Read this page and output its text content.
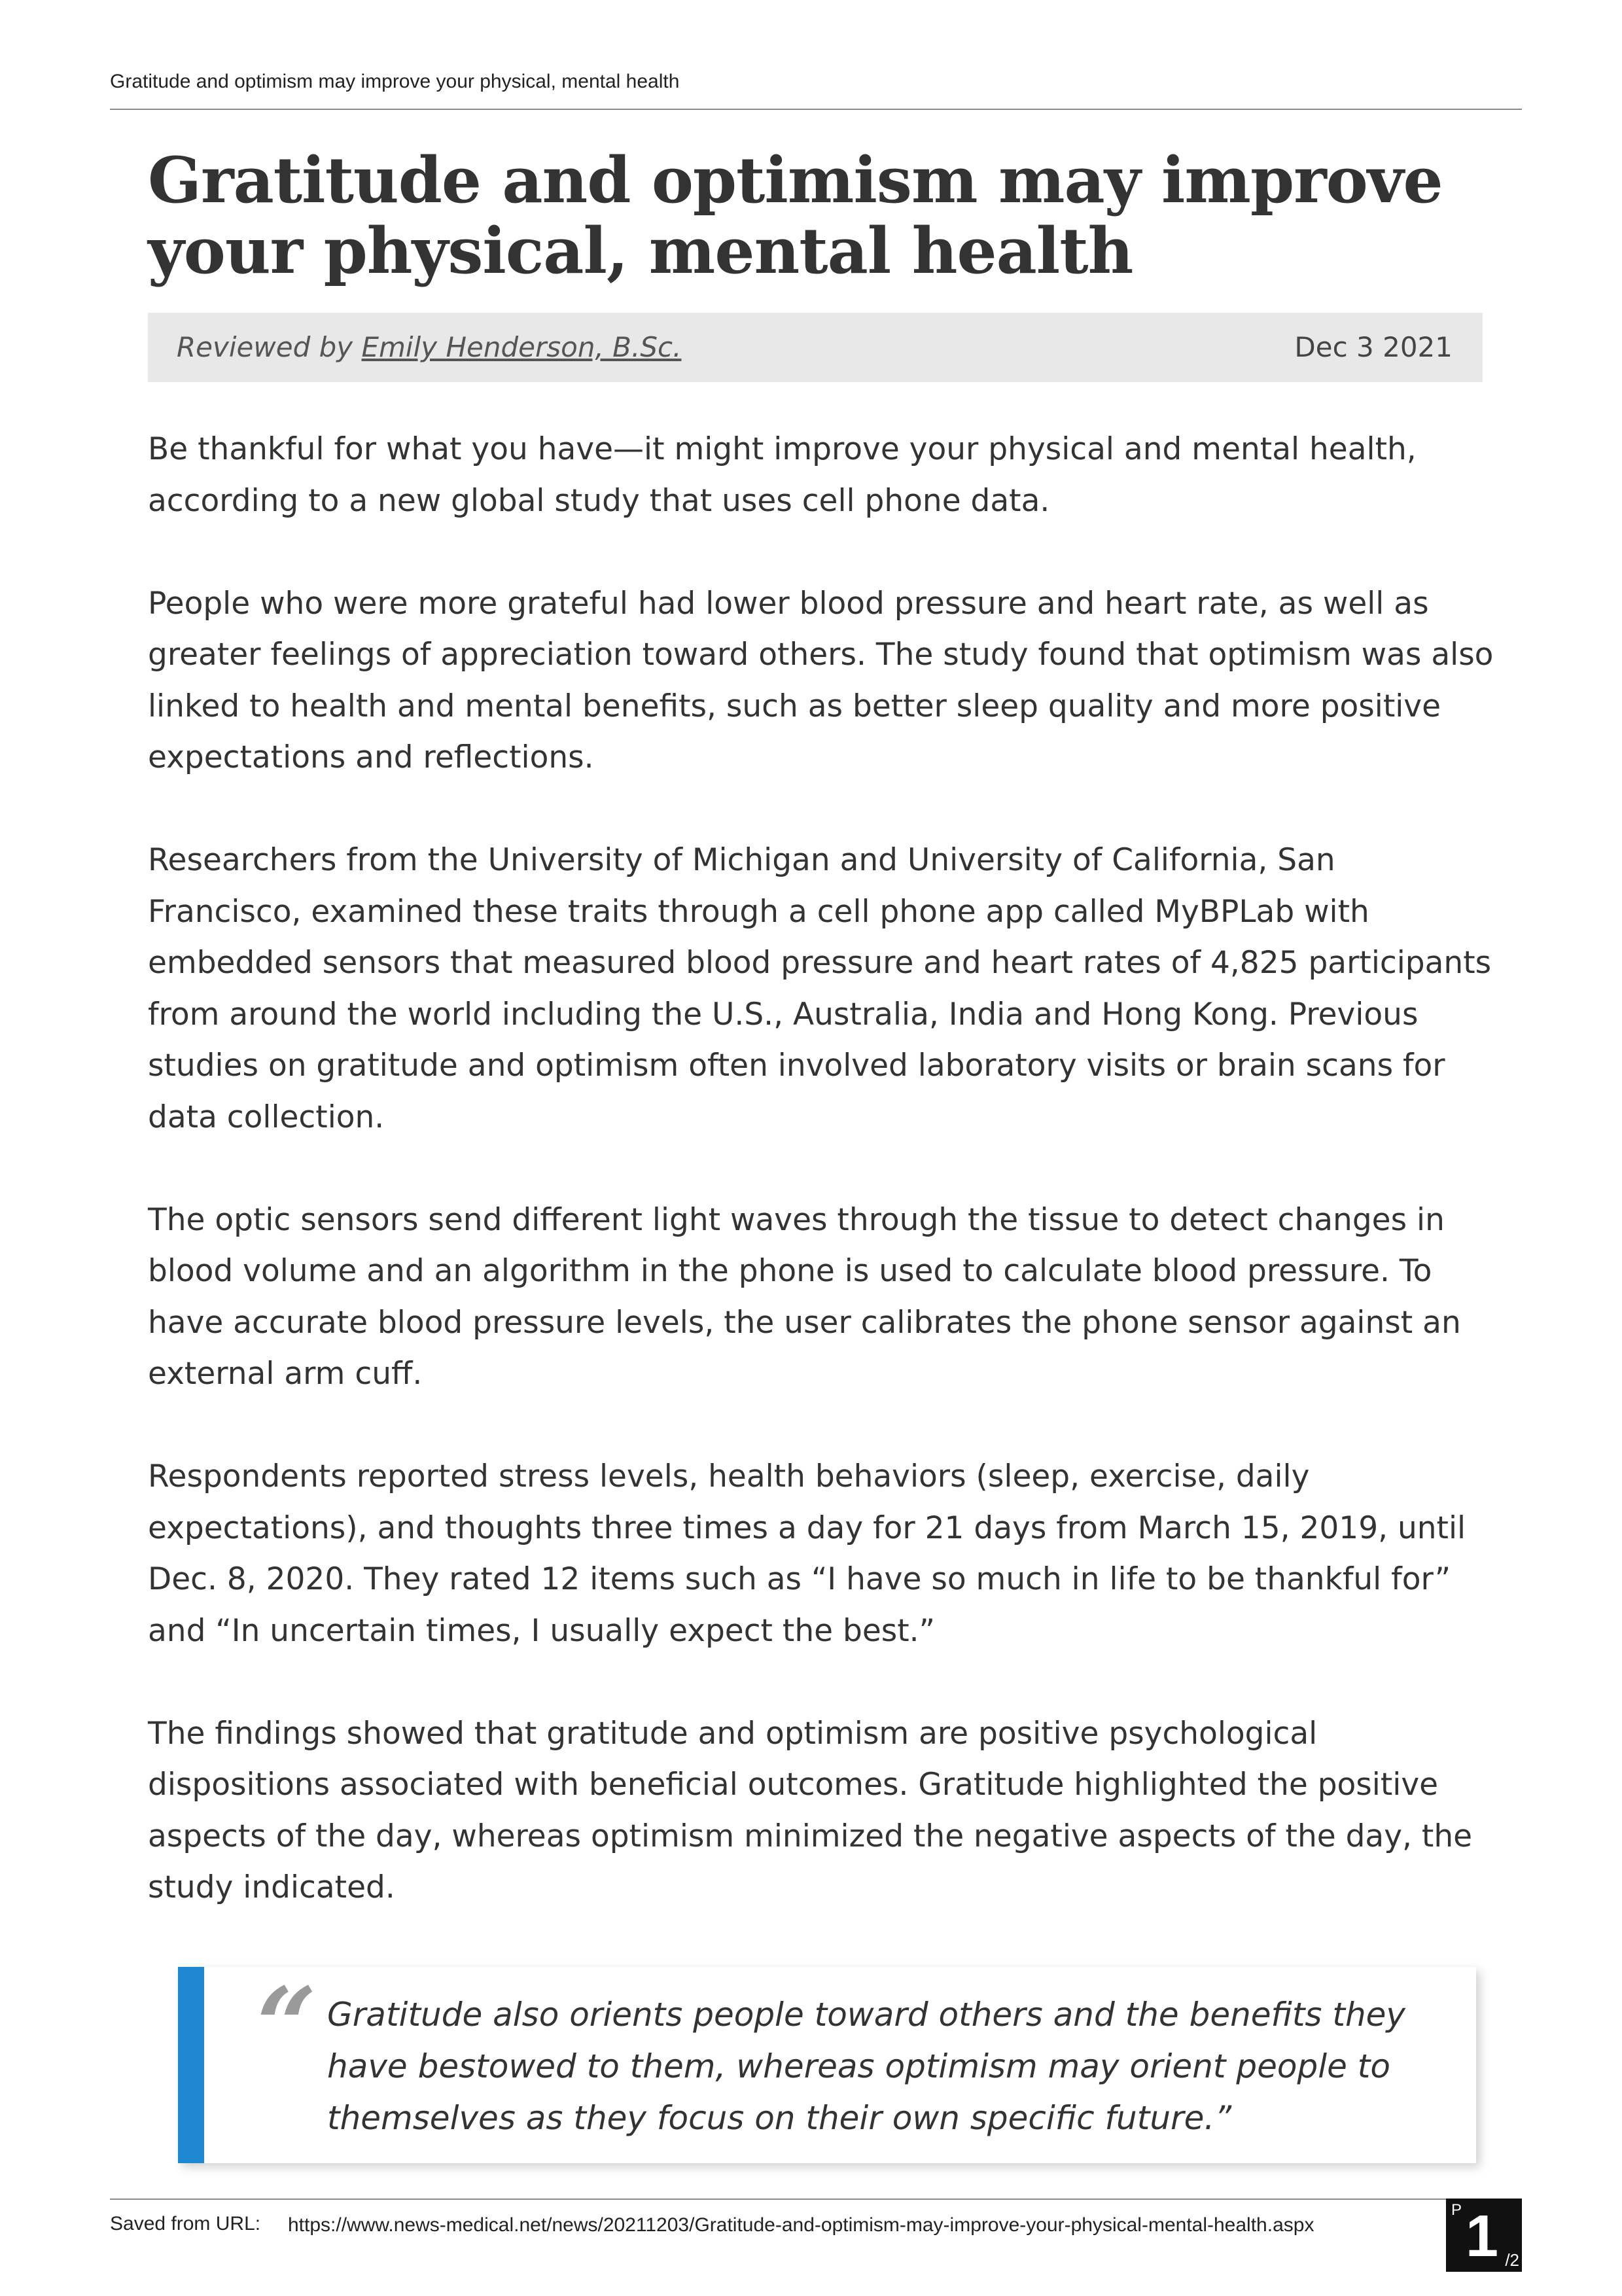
Gratitude and optimism may improve your physical, mental health
Gratitude and optimism may improve your physical, mental health
Reviewed by Emily Henderson, B.Sc.	Dec 3 2021

Be thankful for what you have—it might improve your physical and mental health, according to a new global study that uses cell phone data.

People who were more grateful had lower blood pressure and heart rate, as well as greater feelings of appreciation toward others. The study found that optimism was also linked to health and mental benefits, such as better sleep quality and more positive expectations and reflections.

Researchers from the University of Michigan and University of California, San Francisco, examined these traits through a cell phone app called MyBPLab with embedded sensors that measured blood pressure and heart rates of 4,825 participants from around the world including the U.S., Australia, India and Hong Kong. Previous studies on gratitude and optimism often involved laboratory visits or brain scans for data collection.

The optic sensors send different light waves through the tissue to detect changes in blood volume and an algorithm in the phone is used to calculate blood pressure. To have accurate blood pressure levels, the user calibrates the phone sensor against an external arm cuff.

Respondents reported stress levels, health behaviors (sleep, exercise, daily expectations), and thoughts three times a day for 21 days from March 15, 2019, until Dec. 8, 2020. They rated 12 items such as “I have so much in life to be thankful for” and “In uncertain times, I usually expect the best.”

The findings showed that gratitude and optimism are positive psychological dispositions associated with beneficial outcomes. Gratitude highlighted the positive aspects of the day, whereas optimism minimized the negative aspects of the day, the study indicated.

“ Gratitude also orients people toward others and the benefits they have bestowed to them, whereas optimism may orient people to themselves as they focus on their own specific future.”
Saved from URL: https://www.news-medical.net/news/20211203/Gratitude-and-optimism-may-improve-your-physical-mental-health.aspx
P 1 /2
